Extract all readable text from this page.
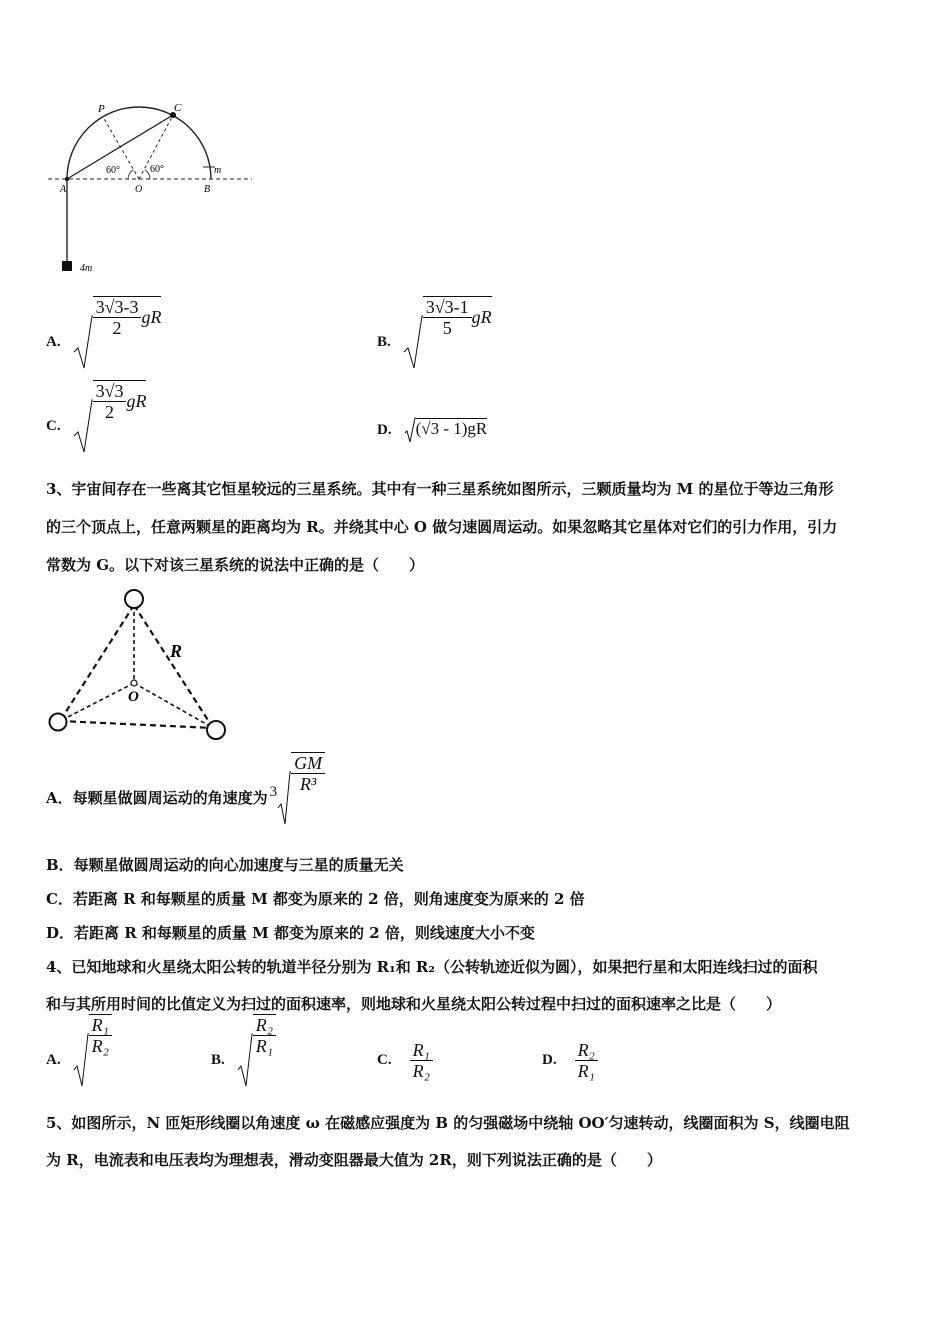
P	C
A	O	B
m
60°	60°
4m
A.
$\frac{3√3-3}{2}$ gR
B.
$\frac{3√3-1}{5}$ gR
C.
$\frac{3√3}{2}$ gR
D. (√3 - 1)gR
3、宇宙间存在一些离其它恒星较远的三星系统。其中有一种三星系统如图所示，三颗质量均为 M 的星位于等边三角形
的三个顶点上，任意两颗星的距离均为 R。并绕其中心 O 做匀速圆周运动。如果忽略其它星体对它们的引力作用，引力
常数为 G。以下对该三星系统的说法中正确的是（　　）
R
O
A．每颗星做圆周运动的角速度为 $3 \frac{GM}{\text{R³}}$
B．每颗星做圆周运动的向心加速度与三星的质量无关
C．若距离 R 和每颗星的质量 M 都变为原来的 2 倍，则角速度变为原来的 2 倍
D．若距离 R 和每颗星的质量 M 都变为原来的 2 倍，则线速度大小不变
4、已知地球和火星绕太阳公转的轨道半径分别为 R₁和 R₂（公转轨迹近似为圆），如果把行星和太阳连线扫过的面积
和与其所用时间的比值定义为扫过的面积速率，则地球和火星绕太阳公转过程中扫过的面积速率之比是（　　）
A.
$\frac{\text{R₁}}{\text{R₂}}$
B.
$\frac{\text{R₂}}{\text{R₁}}$
C. $\frac{\text{R₁}}{\text{R₂}}$	D. $\frac{\text{R₂}}{\text{R₁}}$
5、如图所示，N 匝矩形线圈以角速度 ω 在磁感应强度为 B 的匀强磁场中绕轴 OO′匀速转动，线圈面积为 S，线圈电阻
为 R，电流表和电压表均为理想表，滑动变阻器最大值为 2R，则下列说法正确的是（　　）
